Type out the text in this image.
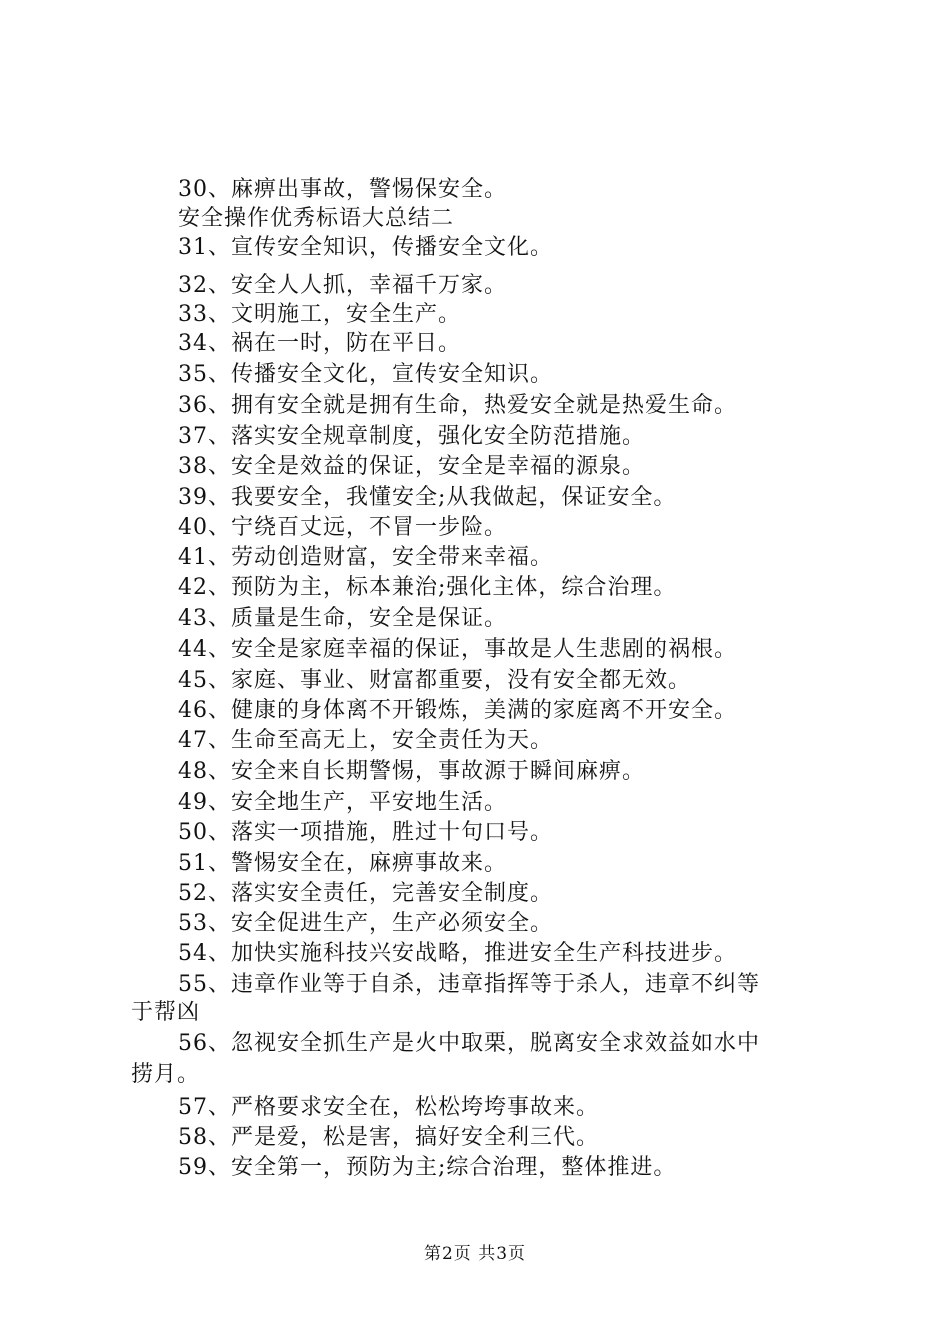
30、麻痹出事故，警惕保安全。
安全操作优秀标语大总结二
31、宣传安全知识，传播安全文化。
32、安全人人抓，幸福千万家。
33、文明施工，安全生产。
34、祸在一时，防在平日。
35、传播安全文化，宣传安全知识。
36、拥有安全就是拥有生命，热爱安全就是热爱生命。
37、落实安全规章制度，强化安全防范措施。
38、安全是效益的保证，安全是幸福的源泉。
39、我要安全，我懂安全;从我做起，保证安全。
40、宁绕百丈远，不冒一步险。
41、劳动创造财富，安全带来幸福。
42、预防为主，标本兼治;强化主体，综合治理。
43、质量是生命，安全是保证。
44、安全是家庭幸福的保证，事故是人生悲剧的祸根。
45、家庭、事业、财富都重要，没有安全都无效。
46、健康的身体离不开锻炼，美满的家庭离不开安全。
47、生命至高无上，安全责任为天。
48、安全来自长期警惕，事故源于瞬间麻痹。
49、安全地生产，平安地生活。
50、落实一项措施，胜过十句口号。
51、警惕安全在，麻痹事故来。
52、落实安全责任，完善安全制度。
53、安全促进生产，生产必须安全。
54、加快实施科技兴安战略，推进安全生产科技进步。
55、违章作业等于自杀，违章指挥等于杀人，违章不纠等
于帮凶
56、忽视安全抓生产是火中取栗，脱离安全求效益如水中
捞月。
57、严格要求安全在，松松垮垮事故来。
58、严是爱，松是害，搞好安全利三代。
59、安全第一，预防为主;综合治理，整体推进。
第2页 共3页
